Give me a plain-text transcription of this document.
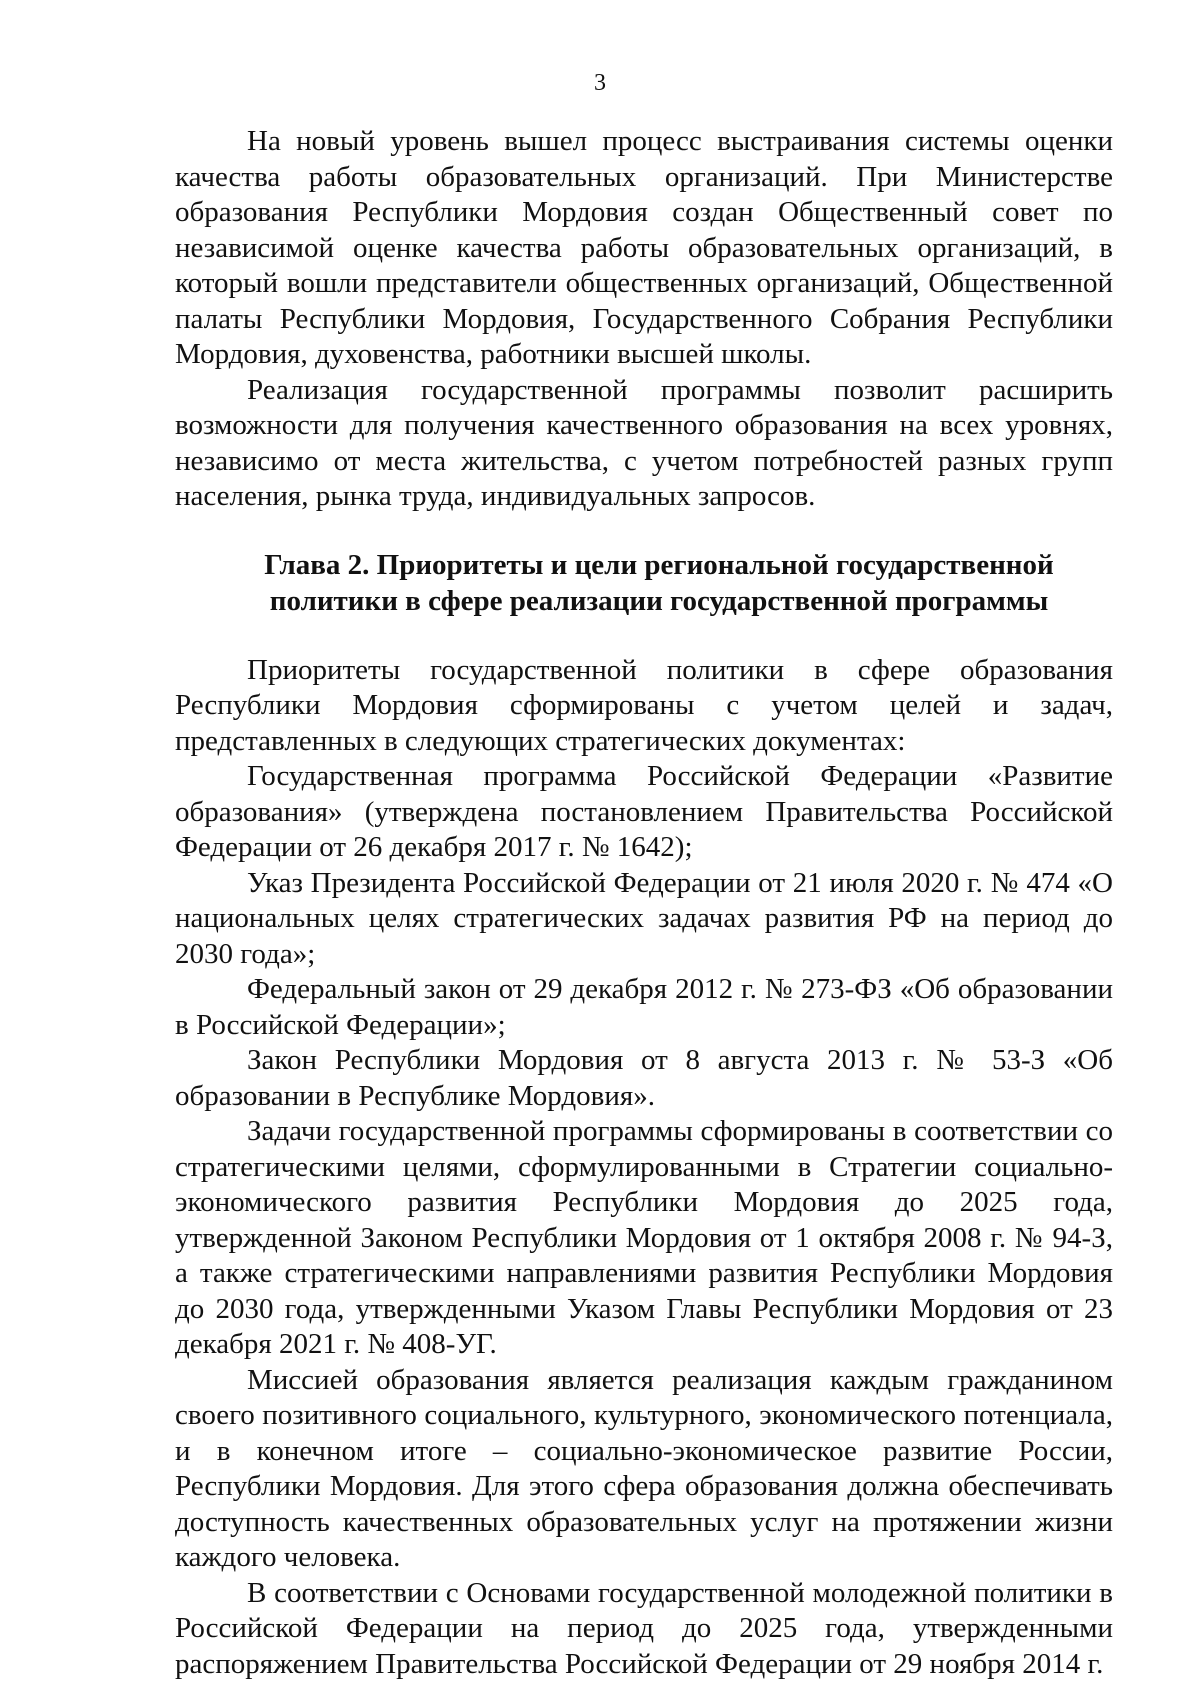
3

На новый уровень вышел процесс выстраивания системы оценки качества работы образовательных организаций. При Министерстве образования Республики Мордовия создан Общественный совет по независимой оценке качества работы образовательных организаций, в который вошли представители общественных организаций, Общественной палаты Республики Мордовия, Государственного Собрания Республики Мордовия, духовенства, работники высшей школы.

Реализация государственной программы позволит расширить возможности для получения качественного образования на всех уровнях, независимо от места жительства, с учетом потребностей разных групп населения, рынка труда, индивидуальных запросов.

Глава 2. Приоритеты и цели региональной государственной
политики в сфере реализации государственной программы

Приоритеты государственной политики в сфере образования Республики Мордовия сформированы с учетом целей и задач, представленных в следующих стратегических документах:

Государственная программа Российской Федерации «Развитие образования» (утверждена постановлением Правительства Российской Федерации от 26 декабря 2017 г. № 1642);

Указ Президента Российской Федерации от 21 июля 2020 г. № 474 «О национальных целях стратегических задачах развития РФ на период до 2030 года»;

Федеральный закон от 29 декабря 2012 г. № 273-ФЗ «Об образовании в Российской Федерации»;

Закон Республики Мордовия от 8 августа 2013 г. № 53-З «Об образовании в Республике Мордовия».

Задачи государственной программы сформированы в соответствии со стратегическими целями, сформулированными в Стратегии социально-экономического развития Республики Мордовия до 2025 года, утвержденной Законом Республики Мордовия от 1 октября 2008 г. № 94-З, а также стратегическими направлениями развития Республики Мордовия до 2030 года, утвержденными Указом Главы Республики Мордовия от 23 декабря 2021 г. № 408-УГ.

Миссией образования является реализация каждым гражданином своего позитивного социального, культурного, экономического потенциала, и в конечном итоге – социально-экономическое развитие России, Республики Мордовия. Для этого сфера образования должна обеспечивать доступность качественных образовательных услуг на протяжении жизни каждого человека.

В соответствии с Основами государственной молодежной политики в Российской Федерации на период до 2025 года, утвержденными распоряжением Правительства Российской Федерации от 29 ноября 2014 г.
